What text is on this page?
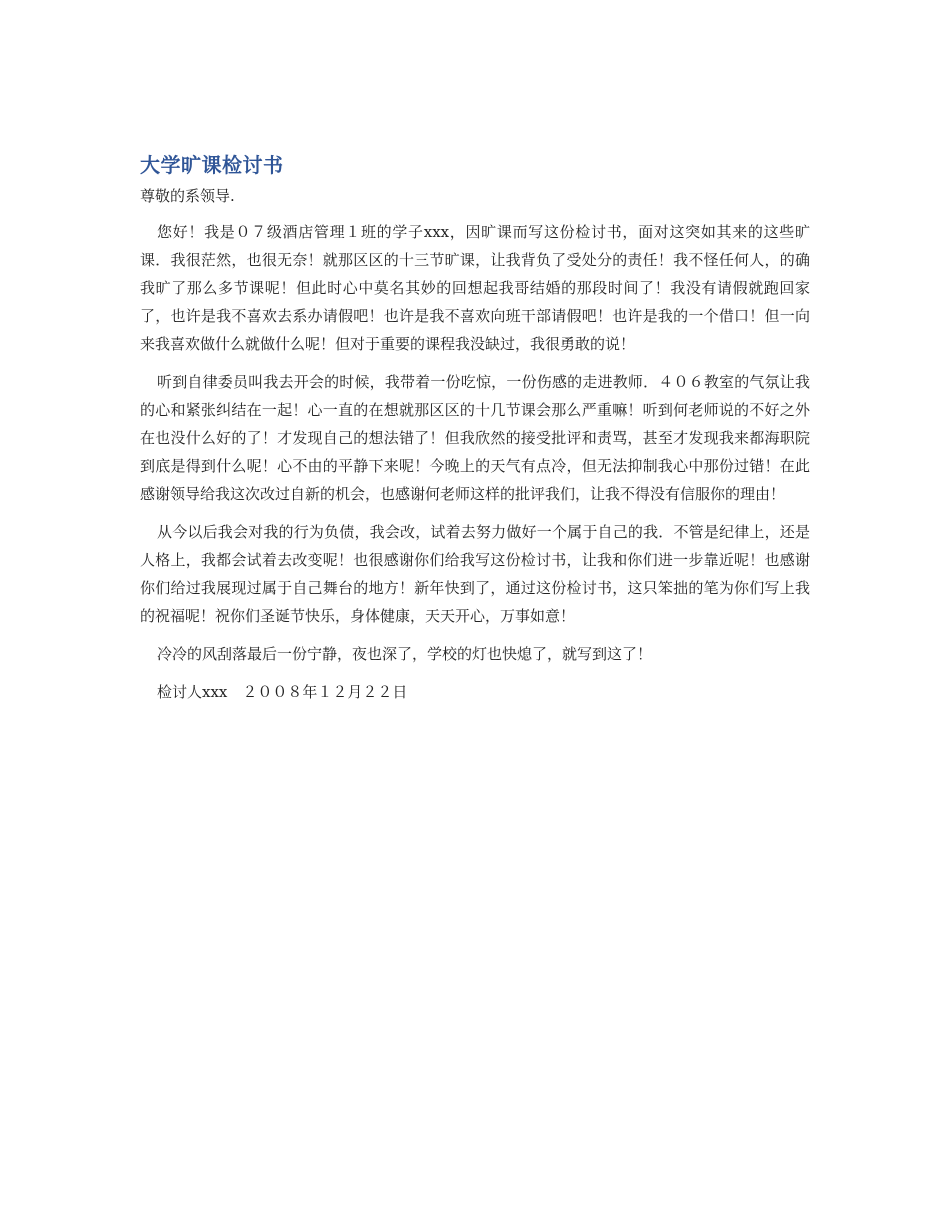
大学旷课检讨书

尊敬的系领导.

您好！我是０７级酒店管理１班的学子xxx，因旷课而写这份检讨书，面对这突如其来的这些旷课．我很茫然，也很无奈！就那区区的十三节旷课，让我背负了受处分的责任！我不怪任何人，的确我旷了那么多节课呢！但此时心中莫名其妙的回想起我哥结婚的那段时间了！我没有请假就跑回家了，也许是我不喜欢去系办请假吧！也许是我不喜欢向班干部请假吧！也许是我的一个借口！但一向来我喜欢做什么就做什么呢！但对于重要的课程我没缺过，我很勇敢的说！

听到自律委员叫我去开会的时候，我带着一份吃惊，一份伤感的走进教师．４０６教室的气氛让我的心和紧张纠结在一起！心一直的在想就那区区的十几节课会那么严重嘛！听到何老师说的不好之外在也没什么好的了！才发现自己的想法错了！但我欣然的接受批评和责骂，甚至才发现我来都海职院到底是得到什么呢！心不由的平静下来呢！今晚上的天气有点冷，但无法抑制我心中那份过错！在此感谢领导给我这次改过自新的机会，也感谢何老师这样的批评我们，让我不得没有信服你的理由！

从今以后我会对我的行为负债，我会改，试着去努力做好一个属于自己的我．不管是纪律上，还是人格上，我都会试着去改变呢！也很感谢你们给我写这份检讨书，让我和你们进一步靠近呢！也感谢你们给过我展现过属于自己舞台的地方！新年快到了，通过这份检讨书，这只笨拙的笔为你们写上我的祝福呢！祝你们圣诞节快乐，身体健康，天天开心，万事如意！

冷冷的风刮落最后一份宁静，夜也深了，学校的灯也快熄了，就写到这了！

检讨人xxx　２００８年１２月２２日
